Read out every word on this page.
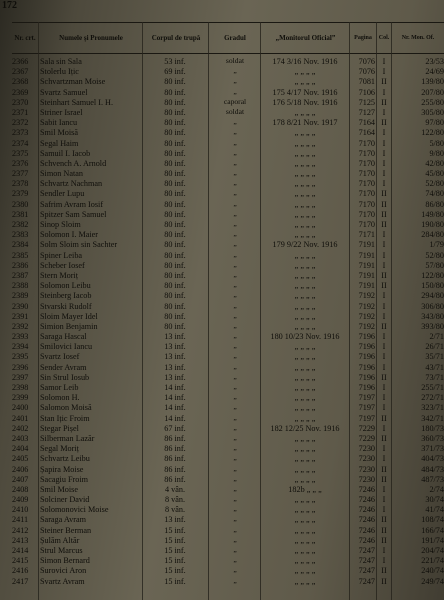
172
Nr. crt.	Numele și Pronumele	Corpul de trupă	Gradul	„Monitorul Oficial”	Pagina	Col.	Nr. Mon. Of.
2366	Sala sin Sala	53 inf.	soldat	174 3/16 Nov. 1916	7076 I	23/53
2367	Stolerlu Ițic	69 inf.	„	„ „ „ „	7076 I	24/69
2368	Schvartzman Moise	80 inf.	„	„ „ „ „	7081 II	139/80
2369	Svartz Samuel	80 inf.	„	175 4/17 Nov. 1916	7106 I	207/80
2370	Steinhart Samuel I. H.	80 inf.	caporal	176 5/18 Nov. 1916	7125 II	255/80
2371	Striner Israel	80 inf.	soldat	„ „ „ „	7127 I	305/80
2372	Sabit Iancu	80 inf.	„	178 8/21 Nov. 1917	7164 II	97/80
2373	Smil Moisă	80 inf.	„	„ „ „ „	7164 I	122/80
2374	Segal Haim	80 inf.	„	„ „ „ „	7170 I	5/80
2375	Samuil I. Iacob	80 inf.	„	„ „ „ „	7170 I	9/80
2376	Schvench A. Arnold	80 inf.	„	„ „ „ „	7170 I	42/80
2377	Simon Natan	80 inf.	„	„ „ „ „	7170 I	45/80
2378	Schvartz Nachman	80 inf.	„	„ „ „ „	7170 I	52/80
2379	Sendler Lupu	80 inf.	„	„ „ „ „	7170 II	74/80
2380	Safrim Avram Iosif	80 inf.	„	„ „ „ „	7170 II	86/80
2381	Spitzer Sam Samuel	80 inf.	„	„ „ „ „	7170 II	149/80
2382	Sinop Sloim	80 inf.	„	„ „ „ „	7170 II	190/80
2383	Solomon I. Maier	80 inf.	„	„ „ „ „	7171 I	284/80
2384	Solm Sloim sin Sachter	80 inf.	„	179 9/22 Nov. 1916	7191 I	1/79
2385	Spiner Leiba	80 inf.	„	„ „ „ „	7191 I	52/80
2386	Scheber Iosef	80 inf.	„	„ „ „ „	7191 I	57/80
2387	Stern Moriț	80 inf.	„	„ „ „ „	7191 II	122/80
2388	Solomon Leibu	80 inf.	„	„ „ „ „	7191 II	150/80
2389	Steinberg Iacob	80 inf.	„	„ „ „ „	7192 I	294/80
2390	Stvarski Rudolf	80 inf.	„	„ „ „ „	7192 I	306/80
2391	Sloim Mayer Idel	80 inf.	„	„ „ „ „	7192 I	343/80
2392	Simion Benjamin	80 inf.	„	„ „ „ „	7192 II	393/80
2393	Saraga Hascal	13 inf.	„	180 10/23 Nov. 1916	7196 I	2/71
2394	Smilovici Iancu	13 inf.	„	„ „ „ „	7196 I	26/71
2395	Svartz Iosef	13 inf.	„	„ „ „ „	7196 I	35/71
2396	Sender Avram	13 inf.	„	„ „ „ „	7196 I	43/71
2397	Sin Strul Iosub	13 inf.	„	„ „ „ „	7196 II	73/71
2398	Samor Leib	14 inf.	„	„ „ „ „	7196 I	255/71
2399	Solomon H.	14 inf.	„	„ „ „ „	7197 I	272/71
2400	Salomon Moisă	14 inf.	„	„ „ „ „	7197 I	323/71
2401	Stan Ițic Froim	14 inf.	„	„ „ „ „	7197 II	342/71
2402	Stegar Pișel	67 inf.	„	182 12/25 Nov. 1916	7229 I	180/73
2403	Silberman Lazăr	86 inf.	„	„ „ „ „	7229 II	360/73
2404	Segal Moriț	86 inf.	„	„ „ „ „	7230 I	371/73
2405	Schvartz Leibu	86 inf.	„	„ „ „ „	7230 I	404/73
2406	Șapira Moise	86 inf.	„	„ „ „ „	7230 II	484/73
2407	Sacagiu Froim	86 inf.	„	„ „ „ „	7230 II	487/73
2408	Smil Moise	4 vân.	„	182b „ „ „	7246 I	2/74
2409	Solciner David	8 vân.	„	„ „ „ „	7246 I	30/74
2410	Solomonovici Moise	8 vân.	„	„ „ „ „	7246 I	41/74
2411	Saraga Avram	13 inf.	„	„ „ „ „	7246 II	108/74
2412	Steiner Berman	15 inf.	„	„ „ „ „	7246 II	166/74
2413	Șulăm Altăr	15 inf.	„	„ „ „ „	7246 II	191/74
2414	Strul Marcus	15 inf.	„	„ „ „ „	7247 I	204/74
2415	Simon Bernard	15 inf.	„	„ „ „ „	7247 I	221/74
2416	Surovici Aron	15 inf.	„	„ „ „ „	7247 II	240/74
2417	Svartz Avram	15 inf.	„	„ „ „ „	7247 II	249/74
